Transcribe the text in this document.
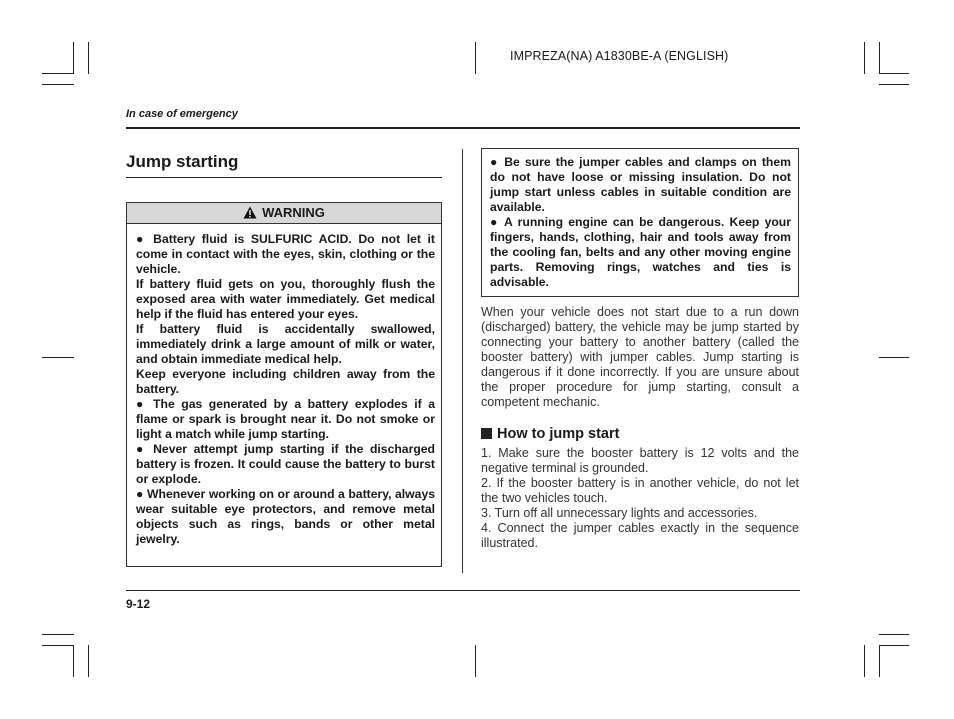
IMPREZA(NA) A1830BE-A (ENGLISH)
In case of emergency
Jump starting
WARNING

● Battery fluid is SULFURIC ACID. Do not let it come in contact with the eyes, skin, clothing or the vehicle.

If battery fluid gets on you, thoroughly flush the exposed area with water immediately. Get medical help if the fluid has entered your eyes.

If battery fluid is accidentally swallowed, immediately drink a large amount of milk or water, and obtain immediate medical help.

Keep everyone including children away from the battery.

● The gas generated by a battery explodes if a flame or spark is brought near it. Do not smoke or light a match while jump starting.

● Never attempt jump starting if the discharged battery is frozen. It could cause the battery to burst or explode.

● Whenever working on or around a battery, always wear suitable eye protectors, and remove metal objects such as rings, bands or other metal jewelry.

● Be sure the jumper cables and clamps on them do not have loose or missing insulation. Do not jump start unless cables in suitable condition are available.

● A running engine can be dangerous. Keep your fingers, hands, clothing, hair and tools away from the cooling fan, belts and any other moving engine parts. Removing rings, watches and ties is advisable.

When your vehicle does not start due to a run down (discharged) battery, the vehicle may be jump started by connecting your battery to another battery (called the booster battery) with jumper cables. Jump starting is dangerous if it done incorrectly. If you are unsure about the proper procedure for jump starting, consult a competent mechanic.
How to jump start

1. Make sure the booster battery is 12 volts and the negative terminal is grounded.

2. If the booster battery is in another vehicle, do not let the two vehicles touch.

3. Turn off all unnecessary lights and accessories.

4. Connect the jumper cables exactly in the sequence illustrated.

9-12
